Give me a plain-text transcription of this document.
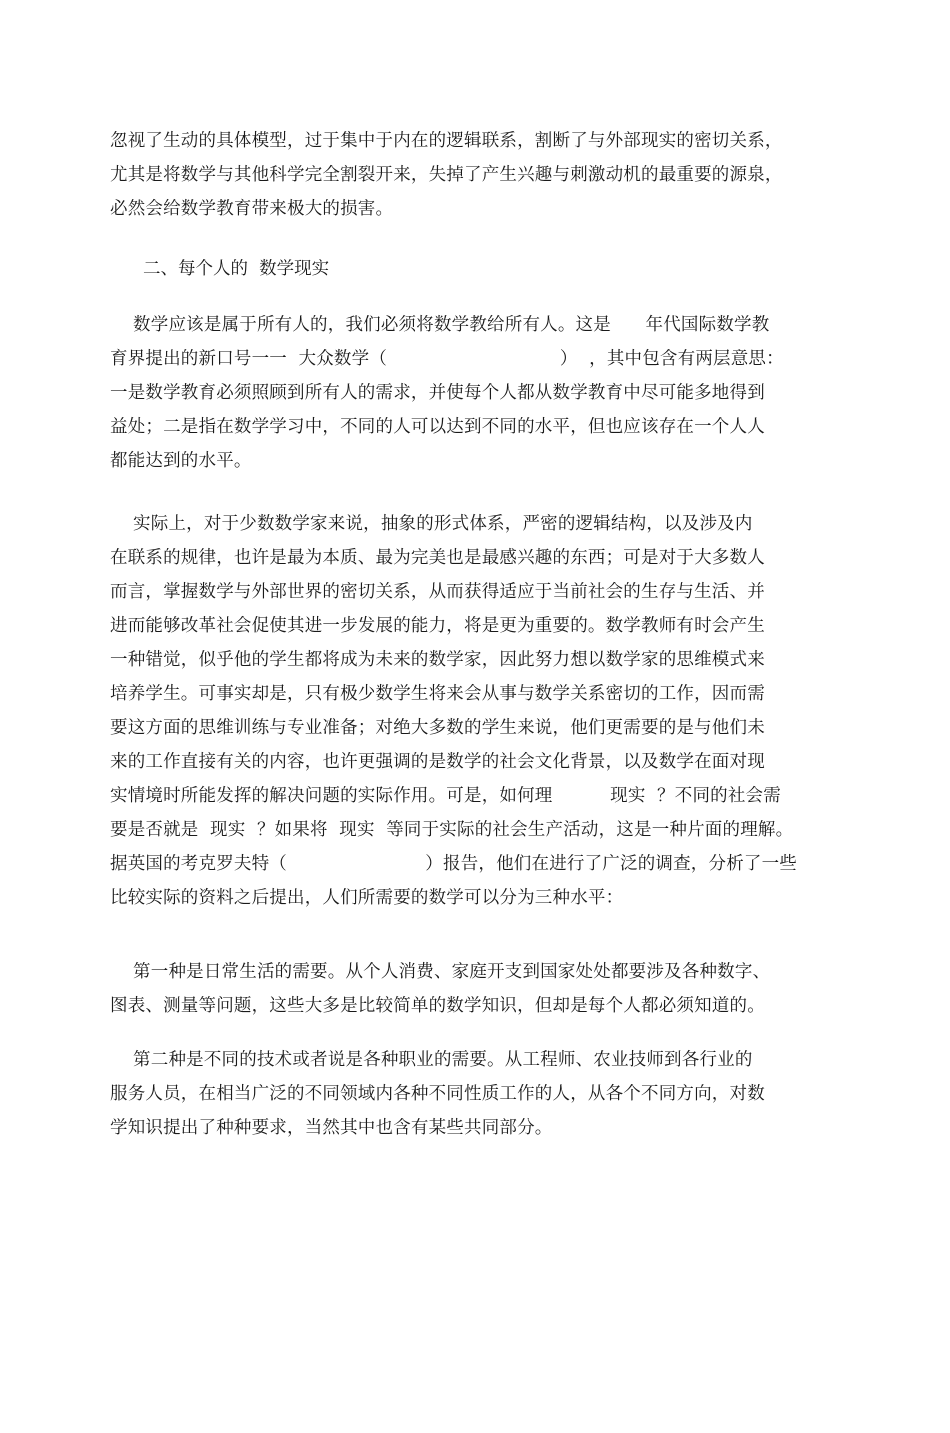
忽视了生动的具体模型，过于集中于内在的逻辑联系，割断了与外部现实的密切关系，
尤其是将数学与其他科学完全割裂开来，失掉了产生兴趣与刺激动机的最重要的源泉，
必然会给数学教育带来极大的损害。
二、每个人的  数学现实
数学应该是属于所有人的，我们必须将数学教给所有人。这是      年代国际数学教
育界提出的新口号一一  大众数学（                              ）  ，其中包含有两层意思：
一是数学教育必须照顾到所有人的需求，并使每个人都从数学教育中尽可能多地得到
益处；二是指在数学学习中，不同的人可以达到不同的水平，但也应该存在一个人人
都能达到的水平。
实际上，对于少数数学家来说，抽象的形式体系，严密的逻辑结构，以及涉及内
在联系的规律，也许是最为本质、最为完美也是最感兴趣的东西；可是对于大多数人
而言，掌握数学与外部世界的密切关系，从而获得适应于当前社会的生存与生活、并
进而能够改革社会促使其进一步发展的能力，将是更为重要的。数学教师有时会产生
一种错觉，似乎他的学生都将成为未来的数学家，因此努力想以数学家的思维模式来
培养学生。可事实却是，只有极少数学生将来会从事与数学关系密切的工作，因而需
要这方面的思维训练与专业准备；对绝大多数的学生来说，他们更需要的是与他们未
来的工作直接有关的内容，也许更强调的是数学的社会文化背景，以及数学在面对现
实情境时所能发挥的解决问题的实际作用。可是，如何理          现实  ？不同的社会需
要是否就是  现实  ？如果将  现实  等同于实际的社会生产活动，这是一种片面的理解。
据英国的考克罗夫特（                        ）报告，他们在进行了广泛的调查，分析了一些
比较实际的资料之后提出，人们所需要的数学可以分为三种水平：
第一种是日常生活的需要。从个人消费、家庭开支到国家处处都要涉及各种数字、
图表、测量等问题，这些大多是比较简单的数学知识，但却是每个人都必须知道的。
第二种是不同的技术或者说是各种职业的需要。从工程师、农业技师到各行业的
服务人员，在相当广泛的不同领域内各种不同性质工作的人，从各个不同方向，对数
学知识提出了种种要求，当然其中也含有某些共同部分。
